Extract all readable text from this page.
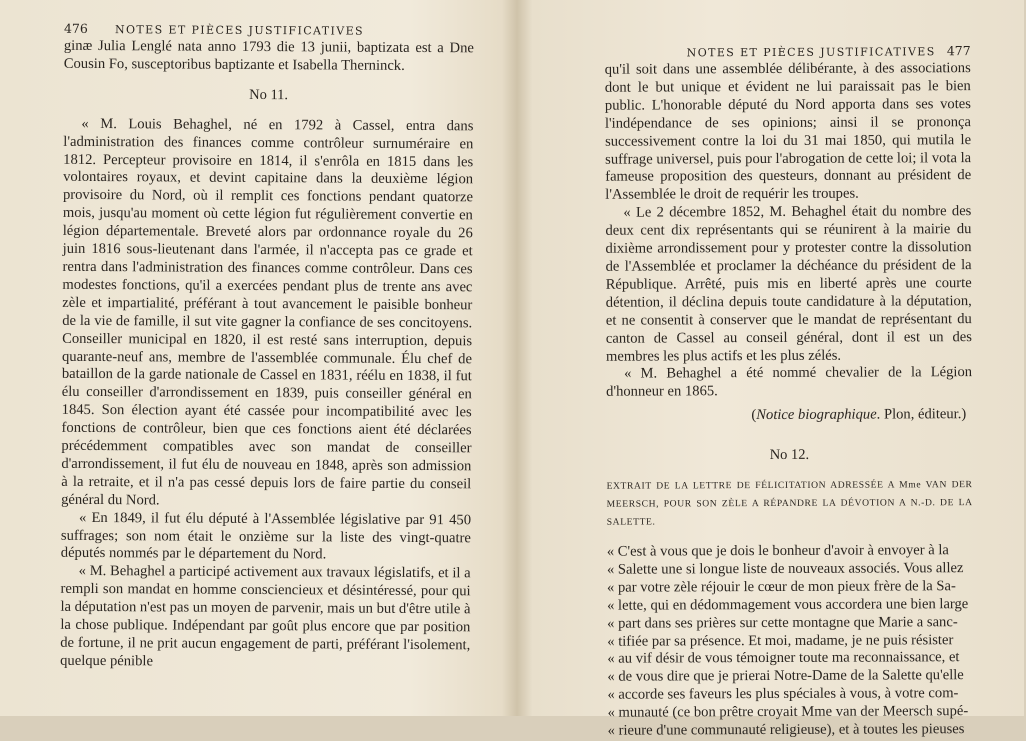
476 NOTES ET PIÈCES JUSTIFICATIVES

ginæ Julia Lenglé nata anno 1793 die 13 junii, baptizata est a Dne Cousin Fo, susceptoribus baptizante et Isabella Therninck.

No 11.

« M. Louis Behaghel, né en 1792 à Cassel, entra dans l'administration des finances comme contrôleur surnuméraire en 1812. Percepteur provisoire en 1814, il s'enrôla en 1815 dans les volontaires royaux, et devint capitaine dans la deuxième légion provisoire du Nord, où il remplit ces fonctions pendant quatorze mois, jusqu'au moment où cette légion fut régulièrement convertie en légion départementale. Breveté alors par ordonnance royale du 26 juin 1816 sous-lieutenant dans l'armée, il n'accepta pas ce grade et rentra dans l'administration des finances comme contrôleur. Dans ces modestes fonctions, qu'il a exercées pendant plus de trente ans avec zèle et impartialité, préférant à tout avancement le paisible bonheur de la vie de famille, il sut vite gagner la confiance de ses concitoyens. Conseiller municipal en 1820, il est resté sans interruption, depuis quarante-neuf ans, membre de l'assemblée communale. Élu chef de bataillon de la garde nationale de Cassel en 1831, réélu en 1838, il fut élu conseiller d'arrondissement en 1839, puis conseiller général en 1845. Son élection ayant été cassée pour incompatibilité avec les fonctions de contrôleur, bien que ces fonctions aient été déclarées précédemment compatibles avec son mandat de conseiller d'arrondissement, il fut élu de nouveau en 1848, après son admission à la retraite, et il n'a pas cessé depuis lors de faire partie du conseil général du Nord.

« En 1849, il fut élu député à l'Assemblée législative par 91 450 suffrages; son nom était le onzième sur la liste des vingt-quatre députés nommés par le département du Nord.

« M. Behaghel a participé activement aux travaux législatifs, et il a rempli son mandat en homme consciencieux et désintéressé, pour qui la députation n'est pas un moyen de parvenir, mais un but d'être utile à la chose publique. Indépendant par goût plus encore que par position de fortune, il ne prit aucun engagement de parti, préférant l'isolement, quelque pénible

NOTES ET PIÈCES JUSTIFICATIVES 477

qu'il soit dans une assemblée délibérante, à des associations dont le but unique et évident ne lui paraissait pas le bien public. L'honorable député du Nord apporta dans ses votes l'indépendance de ses opinions; ainsi il se prononça successivement contre la loi du 31 mai 1850, qui mutila le suffrage universel, puis pour l'abrogation de cette loi; il vota la fameuse proposition des questeurs, donnant au président de l'Assemblée le droit de requérir les troupes.

« Le 2 décembre 1852, M. Behaghel était du nombre des deux cent dix représentants qui se réunirent à la mairie du dixième arrondissement pour y protester contre la dissolution de l'Assemblée et proclamer la déchéance du président de la République. Arrêté, puis mis en liberté après une courte détention, il déclina depuis toute candidature à la députation, et ne consentit à conserver que le mandat de représentant du canton de Cassel au conseil général, dont il est un des membres les plus actifs et les plus zélés.

« M. Behaghel a été nommé chevalier de la Légion d'honneur en 1865.

(Notice biographique. Plon, éditeur.)
No 12.
EXTRAIT DE LA LETTRE DE FÉLICITATION ADRESSÉE A Mme VAN DER MEERSCH, POUR SON ZÈLE A RÉPANDRE LA DÉVOTION A N.-D. DE LA SALETTE.
« C'est à vous que je dois le bonheur d'avoir à envoyer à la
« Salette une si longue liste de nouveaux associés. Vous allez
« par votre zèle réjouir le cœur de mon pieux frère de la Sa-
« lette, qui en dédommagement vous accordera une bien large
« part dans ses prières sur cette montagne que Marie a sanc-
« tifiée par sa présence. Et moi, madame, je ne puis résister
« au vif désir de vous témoigner toute ma reconnaissance, et
« de vous dire que je prierai Notre-Dame de la Salette qu'elle
« accorde ses faveurs les plus spéciales à vous, à votre com-
« munauté (ce bon prêtre croyait Mme van der Meersch supé-
« rieure d'une communauté religieuse), et à toutes les pieuses
